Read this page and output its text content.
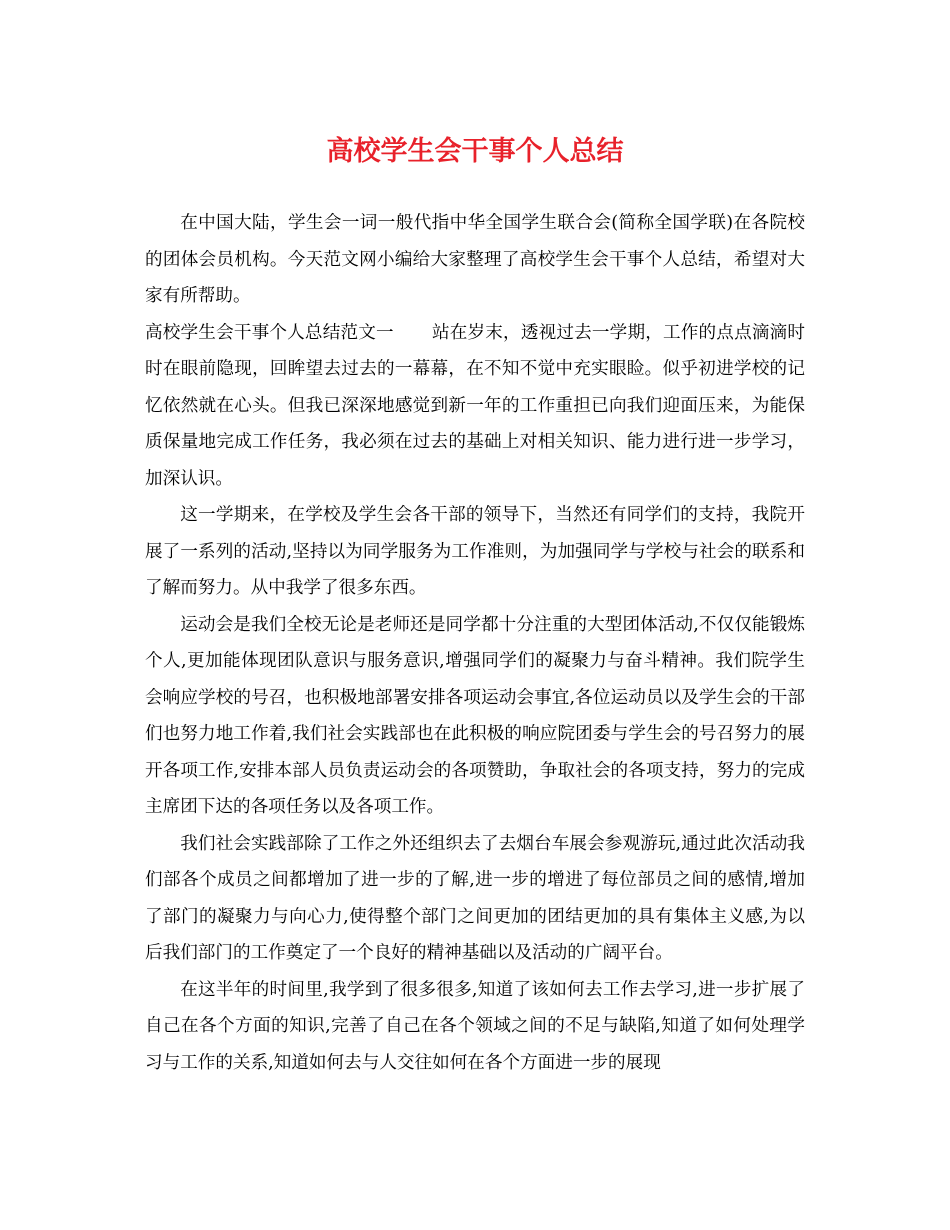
高校学生会干事个人总结

在中国大陆，学生会一词一般代指中华全国学生联合会(简称全国学联)在各院校的团体会员机构。今天范文网小编给大家整理了高校学生会干事个人总结，希望对大家有所帮助。

高校学生会干事个人总结范文一 站在岁末，透视过去一学期，工作的点点滴滴时时在眼前隐现，回眸望去过去的一幕幕，在不知不觉中充实眼睑。似乎初进学校的记忆依然就在心头。但我已深深地感觉到新一年的工作重担已向我们迎面压来，为能保质保量地完成工作任务，我必须在过去的基础上对相关知识、能力进行进一步学习，加深认识。

这一学期来，在学校及学生会各干部的领导下，当然还有同学们的支持，我院开展了一系列的活动,坚持以为同学服务为工作准则，为加强同学与学校与社会的联系和了解而努力。从中我学了很多东西。

运动会是我们全校无论是老师还是同学都十分注重的大型团体活动,不仅仅能锻炼个人,更加能体现团队意识与服务意识,增强同学们的凝聚力与奋斗精神。我们院学生会响应学校的号召，也积极地部署安排各项运动会事宜,各位运动员以及学生会的干部们也努力地工作着,我们社会实践部也在此积极的响应院团委与学生会的号召努力的展开各项工作,安排本部人员负责运动会的各项赞助，争取社会的各项支持，努力的完成主席团下达的各项任务以及各项工作。

我们社会实践部除了工作之外还组织去了去烟台车展会参观游玩,通过此次活动我们部各个成员之间都增加了进一步的了解,进一步的增进了每位部员之间的感情,增加了部门的凝聚力与向心力,使得整个部门之间更加的团结更加的具有集体主义感,为以后我们部门的工作奠定了一个良好的精神基础以及活动的广阔平台。

在这半年的时间里,我学到了很多很多,知道了该如何去工作去学习,进一步扩展了自己在各个方面的知识,完善了自己在各个领域之间的不足与缺陷,知道了如何处理学习与工作的关系,知道如何去与人交往如何在各个方面进一步的展现
